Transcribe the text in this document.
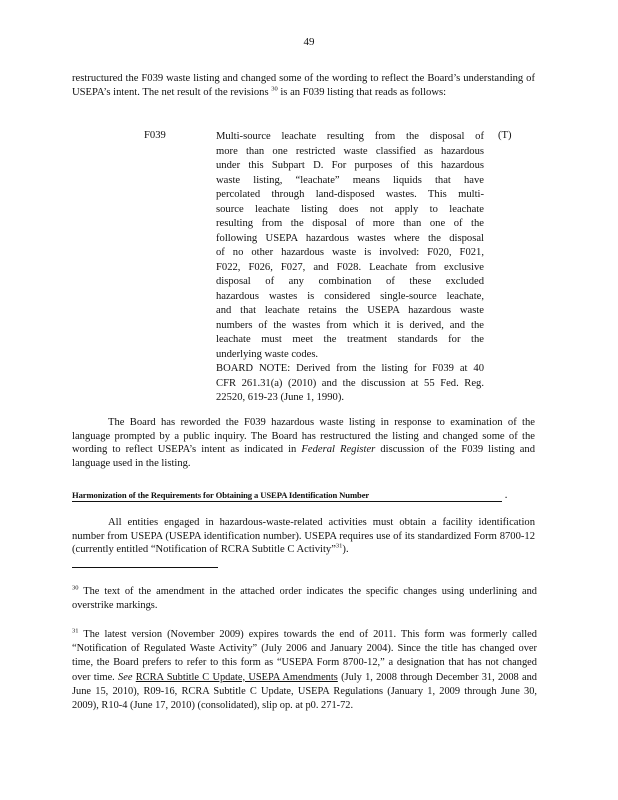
49
restructured the F039 waste listing and changed some of the wording to reflect the Board’s understanding of USEPA’s intent. The net result of the revisions $^{30}$ is an F039 listing that reads as follows:
F039	Multi-source leachate resulting from the disposal of
more than one restricted waste classified as hazardous
under this Subpart D. For purposes of this hazardous
waste listing, “leachate” means liquids that have
percolated through land-disposed wastes. This multi-
source leachate listing does not apply to leachate
resulting from the disposal of more than one of the
following USEPA hazardous wastes where the disposal
of no other hazardous waste is involved: F020, F021,
F022, F026, F027, and F028. Leachate from exclusive
disposal of any combination of these excluded
hazardous wastes is considered single-source leachate,
and that leachate retains the USEPA hazardous waste
numbers of the wastes from which it is derived, and the
leachate must meet the treatment standards for the
underlying waste codes.
BOARD NOTE: Derived from the listing for F039 at 40
CFR 261.31(a) (2010) and the discussion at 55 Fed. Reg.
22520, 619-23 (June 1, 1990).
(T)
The Board has reworded the F039 hazardous waste listing in response to examination of the language prompted by a public inquiry. The Board has restructured the listing and changed some of the wording to reflect USEPA’s intent as indicated in Federal Register discussion of the F039 listing and language used in the listing.
Harmonization of the Requirements for Obtaining a USEPA Identification Number	.
All entities engaged in hazardous-waste-related activities must obtain a facility identification number from USEPA (USEPA identification number). USEPA requires use of its standardized Form 8700-12 (currently entitled “Notification of RCRA Subtitle C Activity”$^{31}$).
$^{30}$ The text of the amendment in the attached order indicates the specific changes using underlining and overstrike markings.
$^{31}$ The latest version (November 2009) expires towards the end of 2011. This form was formerly called “Notification of Regulated Waste Activity” (July 2006 and January 2004). Since the title has changed over time, the Board prefers to refer to this form as “USEPA Form 8700-12,” a designation that has not changed over time. See RCRA Subtitle C Update, USEPA Amendments (July 1, 2008 through December 31, 2008 and June 15, 2010), R09-16, RCRA Subtitle C Update, USEPA Regulations (January 1, 2009 through June 30, 2009), R10-4 (June 17, 2010) (consolidated), slip op. at p0. 271-72.
